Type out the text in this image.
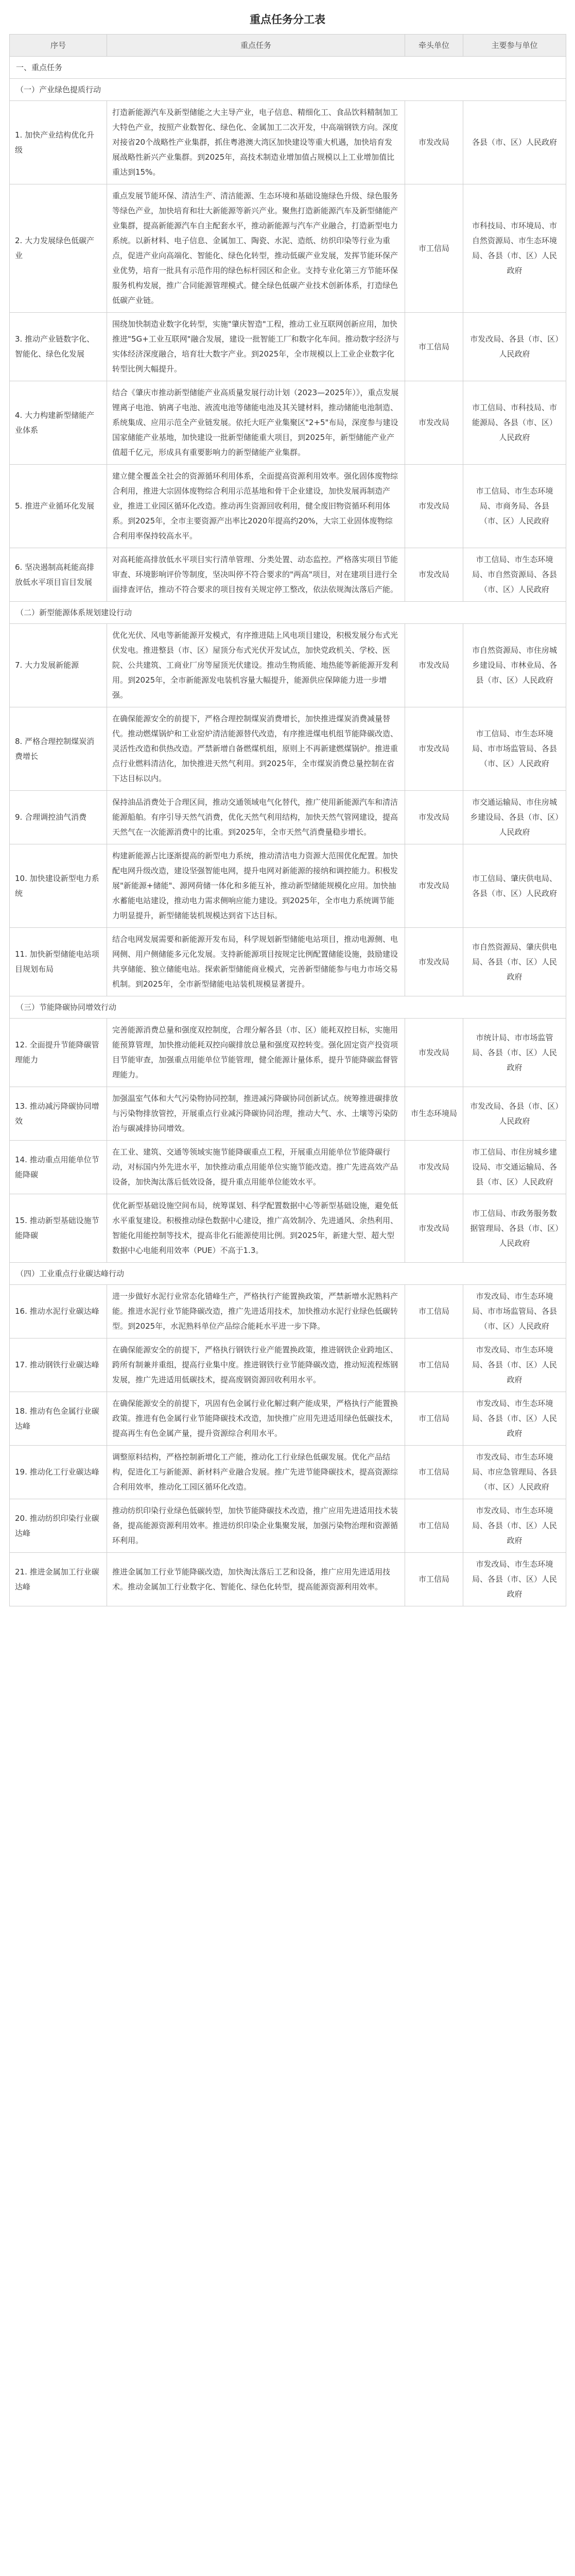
重点任务分工表
序号	重点任务	牵头单位	主要参与单位
一、重点任务			
（一）产业绿色提质行动			
1. 加快产业结构优化升级	打造新能源汽车及新型储能之大主导产业，电子信息、精细化工、食品饮料精制加工大特色产业，按照产业数智化、绿色化、金属加工二次开发，中高端钢铁方向。深度对接省20个战略性产业集群，抓住粤港澳大湾区加快建设等重大机遇，加快培育发展战略性新兴产业集群。到2025年，高技术制造业增加值占规模以上工业增加值比重达到15%。	市发改局	各县（市、区）人民政府
2. 大力发展绿色低碳产业	重点发展节能环保、清洁生产、清洁能源、生态环境和基础设施绿色升级、绿色服务等绿色产业，加快培育和壮大新能源等新兴产业。聚焦打造新能源汽车及新型储能产业集群，提高新能源汽车自主配套水平，推动新能源与汽车产业融合，打造新型电力系统。以新材料、电子信息、金属加工、陶瓷、水泥、造纸、纺织印染等行业为重点，促进产业向高端化、智能化、绿色化转型，推动低碳产业发展，发挥节能环保产业优势，培育一批具有示范作用的绿色标杆园区和企业。支持专业化第三方节能环保服务机构发展，推广合同能源管理模式。健全绿色低碳产业技术创新体系，打造绿色低碳产业链。	市工信局	市科技局、市环境局、市自然资源局、市生态环境局、各县（市、区）人民政府
3. 推动产业链数字化、智能化、绿色化发展	围绕加快制造业数字化转型，实施"肇庆智造"工程，推动工业互联网创新应用，加快推进"5G+工业互联网"融合发展，建设一批智能工厂和数字化车间。推动数字经济与实体经济深度融合，培育壮大数字产业。到2025年，全市规模以上工业企业数字化转型比例大幅提升。	市工信局	市发改局、各县（市、区）人民政府
4. 大力构建新型储能产业体系	结合《肇庆市推动新型储能产业高质量发展行动计划（2023—2025年）》，重点发展锂离子电池、钠离子电池、液流电池等储能电池及其关键材料，推动储能电池制造、系统集成、应用示范全产业链发展。依托大旺产业集聚区"2+5"布局，深度参与建设国家储能产业基地，加快建设一批新型储能重大项目，到2025年，新型储能产业产值超千亿元，形成具有重要影响力的新型储能产业集群。	市发改局	市工信局、市科技局、市能源局、各县（市、区）人民政府
5. 推进产业循环化发展	建立健全覆盖全社会的资源循环利用体系，全面提高资源利用效率。强化固体废物综合利用，推进大宗固体废物综合利用示范基地和骨干企业建设，加快发展再制造产业，推进工业园区循环化改造。推动再生资源回收利用，健全废旧物资循环利用体系。到2025年，全市主要资源产出率比2020年提高约20%，大宗工业固体废物综合利用率保持较高水平。	市发改局	市工信局、市生态环境局、市商务局、各县（市、区）人民政府
6. 坚决遏制高耗能高排放低水平项目盲目发展	对高耗能高排放低水平项目实行清单管理、分类处置、动态监控。严格落实项目节能审查、环境影响评价等制度，坚决叫停不符合要求的"两高"项目，对在建项目进行全面排查评估，推动不符合要求的项目按有关规定停工整改，依法依规淘汰落后产能。	市发改局	市工信局、市生态环境局、市自然资源局、各县（市、区）人民政府
（二）新型能源体系规划建设行动			
7. 大力发展新能源	优化光伏、风电等新能源开发模式，有序推进陆上风电项目建设，积极发展分布式光伏发电。推进整县（市、区）屋顶分布式光伏开发试点，加快党政机关、学校、医院、公共建筑、工商业厂房等屋顶光伏建设。推动生物质能、地热能等新能源开发利用。到2025年，全市新能源发电装机容量大幅提升，能源供应保障能力进一步增强。	市发改局	市自然资源局、市住房城乡建设局、市林业局、各县（市、区）人民政府
8. 严格合理控制煤炭消费增长	在确保能源安全的前提下，严格合理控制煤炭消费增长，加快推进煤炭消费减量替代。推动燃煤锅炉和工业窑炉清洁能源替代改造，有序推进煤电机组节能降碳改造、灵活性改造和供热改造。严禁新增自备燃煤机组，原则上不再新建燃煤锅炉。推进重点行业燃料清洁化，加快推进天然气利用。到2025年，全市煤炭消费总量控制在省下达目标以内。	市发改局	市工信局、市生态环境局、市市场监管局、各县（市、区）人民政府
9. 合理调控油气消费	保持油品消费处于合理区间，推动交通领域电气化替代，推广使用新能源汽车和清洁能源船舶。有序引导天然气消费，优化天然气利用结构，加快天然气管网建设，提高天然气在一次能源消费中的比重。到2025年，全市天然气消费量稳步增长。	市发改局	市交通运输局、市住房城乡建设局、各县（市、区）人民政府
10. 加快建设新型电力系统	构建新能源占比逐渐提高的新型电力系统，推动清洁电力资源大范围优化配置。加快配电网升级改造，建设坚强智能电网，提升电网对新能源的接纳和调控能力。积极发展"新能源+储能"、源网荷储一体化和多能互补，推动新型储能规模化应用。加快抽水蓄能电站建设，推动电力需求侧响应能力建设。到2025年，全市电力系统调节能力明显提升，新型储能装机规模达到省下达目标。	市发改局	市工信局、肇庆供电局、各县（市、区）人民政府
11. 加快新型储能电站项目规划布局	结合电网发展需要和新能源开发布局，科学规划新型储能电站项目，推动电源侧、电网侧、用户侧储能多元化发展。支持新能源项目按规定比例配置储能设施，鼓励建设共享储能、独立储能电站。探索新型储能商业模式，完善新型储能参与电力市场交易机制。到2025年，全市新型储能电站装机规模显著提升。	市发改局	市自然资源局、肇庆供电局、各县（市、区）人民政府
（三）节能降碳协同增效行动			
12. 全面提升节能降碳管理能力	完善能源消费总量和强度双控制度，合理分解各县（市、区）能耗双控目标，实施用能预算管理，加快推动能耗双控向碳排放总量和强度双控转变。强化固定资产投资项目节能审查，加强重点用能单位节能管理，健全能源计量体系，提升节能降碳监督管理能力。	市发改局	市统计局、市市场监管局、各县（市、区）人民政府
13. 推动减污降碳协同增效	加强温室气体和大气污染物协同控制，推进减污降碳协同创新试点。统筹推进碳排放与污染物排放管控，开展重点行业减污降碳协同治理，推动大气、水、土壤等污染防治与碳减排协同增效。	市生态环境局	市发改局、各县（市、区）人民政府
14. 推动重点用能单位节能降碳	在工业、建筑、交通等领域实施节能降碳重点工程，开展重点用能单位节能降碳行动，对标国内外先进水平，加快推动重点用能单位实施节能改造。推广先进高效产品设备，加快淘汰落后低效设备，提升重点用能单位能效水平。	市发改局	市工信局、市住房城乡建设局、市交通运输局、各县（市、区）人民政府
15. 推动新型基础设施节能降碳	优化新型基础设施空间布局，统筹谋划、科学配置数据中心等新型基础设施，避免低水平重复建设。积极推动绿色数据中心建设，推广高效制冷、先进通风、余热利用、智能化用能控制等技术，提高非化石能源使用比例。到2025年，新建大型、超大型数据中心电能利用效率（PUE）不高于1.3。	市发改局	市工信局、市政务服务数据管理局、各县（市、区）人民政府
（四）工业重点行业碳达峰行动			
16. 推动水泥行业碳达峰	进一步做好水泥行业常态化错峰生产，严格执行产能置换政策，严禁新增水泥熟料产能。推进水泥行业节能降碳改造，推广先进适用技术，加快推动水泥行业绿色低碳转型。到2025年，水泥熟料单位产品综合能耗水平进一步下降。	市工信局	市发改局、市生态环境局、市市场监管局、各县（市、区）人民政府
17. 推动钢铁行业碳达峰	在确保能源安全的前提下，严格执行钢铁行业产能置换政策，推进钢铁企业跨地区、跨所有制兼并重组，提高行业集中度。推进钢铁行业节能降碳改造，推动短流程炼钢发展，推广先进适用低碳技术，提高废钢资源回收利用水平。	市工信局	市发改局、市生态环境局、各县（市、区）人民政府
18. 推动有色金属行业碳达峰	在确保能源安全的前提下，巩固有色金属行业化解过剩产能成果，严格执行产能置换政策。推进有色金属行业节能降碳技术改造，加快推广应用先进适用绿色低碳技术，提高再生有色金属产量，提升资源综合利用水平。	市工信局	市发改局、市生态环境局、各县（市、区）人民政府
19. 推动化工行业碳达峰	调整原料结构，严格控制新增化工产能，推动化工行业绿色低碳发展。优化产品结构，促进化工与新能源、新材料产业融合发展。推广先进节能降碳技术，提高资源综合利用效率，推动化工园区循环化改造。	市工信局	市发改局、市生态环境局、市应急管理局、各县（市、区）人民政府
20. 推动纺织印染行业碳达峰	推动纺织印染行业绿色低碳转型，加快节能降碳技术改造，推广应用先进适用技术装备，提高能源资源利用效率。推进纺织印染企业集聚发展，加强污染物治理和资源循环利用。	市工信局	市发改局、市生态环境局、各县（市、区）人民政府
21. 推进金属加工行业碳达峰	推进金属加工行业节能降碳改造，加快淘汰落后工艺和设备，推广应用先进适用技术。推动金属加工行业数字化、智能化、绿色化转型，提高能源资源利用效率。	市工信局	市发改局、市生态环境局、各县（市、区）人民政府
